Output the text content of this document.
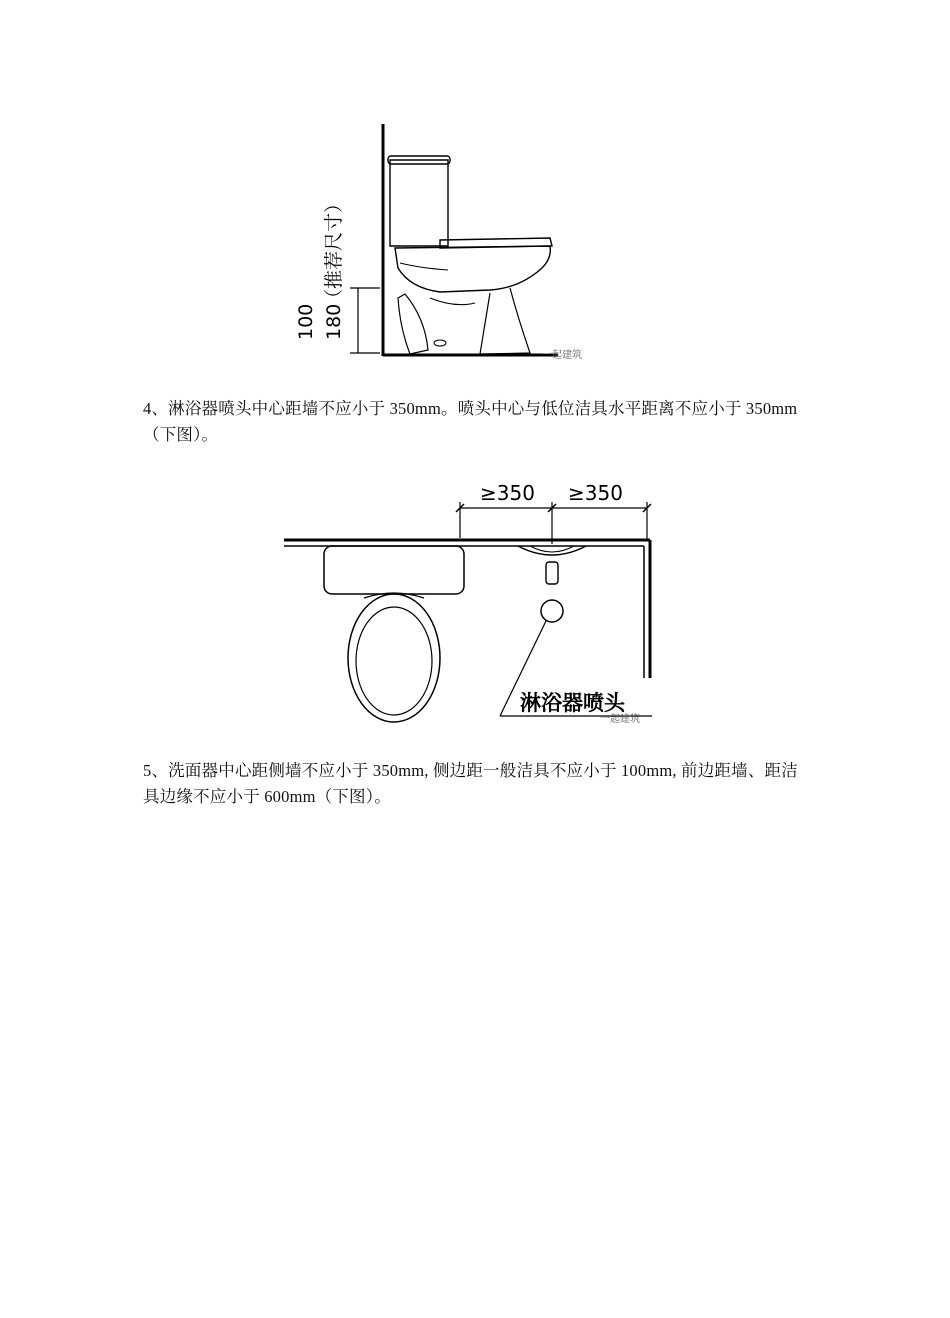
100 180
（推荐尺寸）
一起建筑

4、淋浴器喷头中心距墙不应小于 350mm。喷头中心与低位洁具水平距离不应小于 350mm（下图）。

≥350 ≥350
淋浴器喷头
一起建筑

5、洗面器中心距侧墙不应小于 350mm, 侧边距一般洁具不应小于 100mm, 前边距墙、距洁具边缘不应小于 600mm（下图）。
